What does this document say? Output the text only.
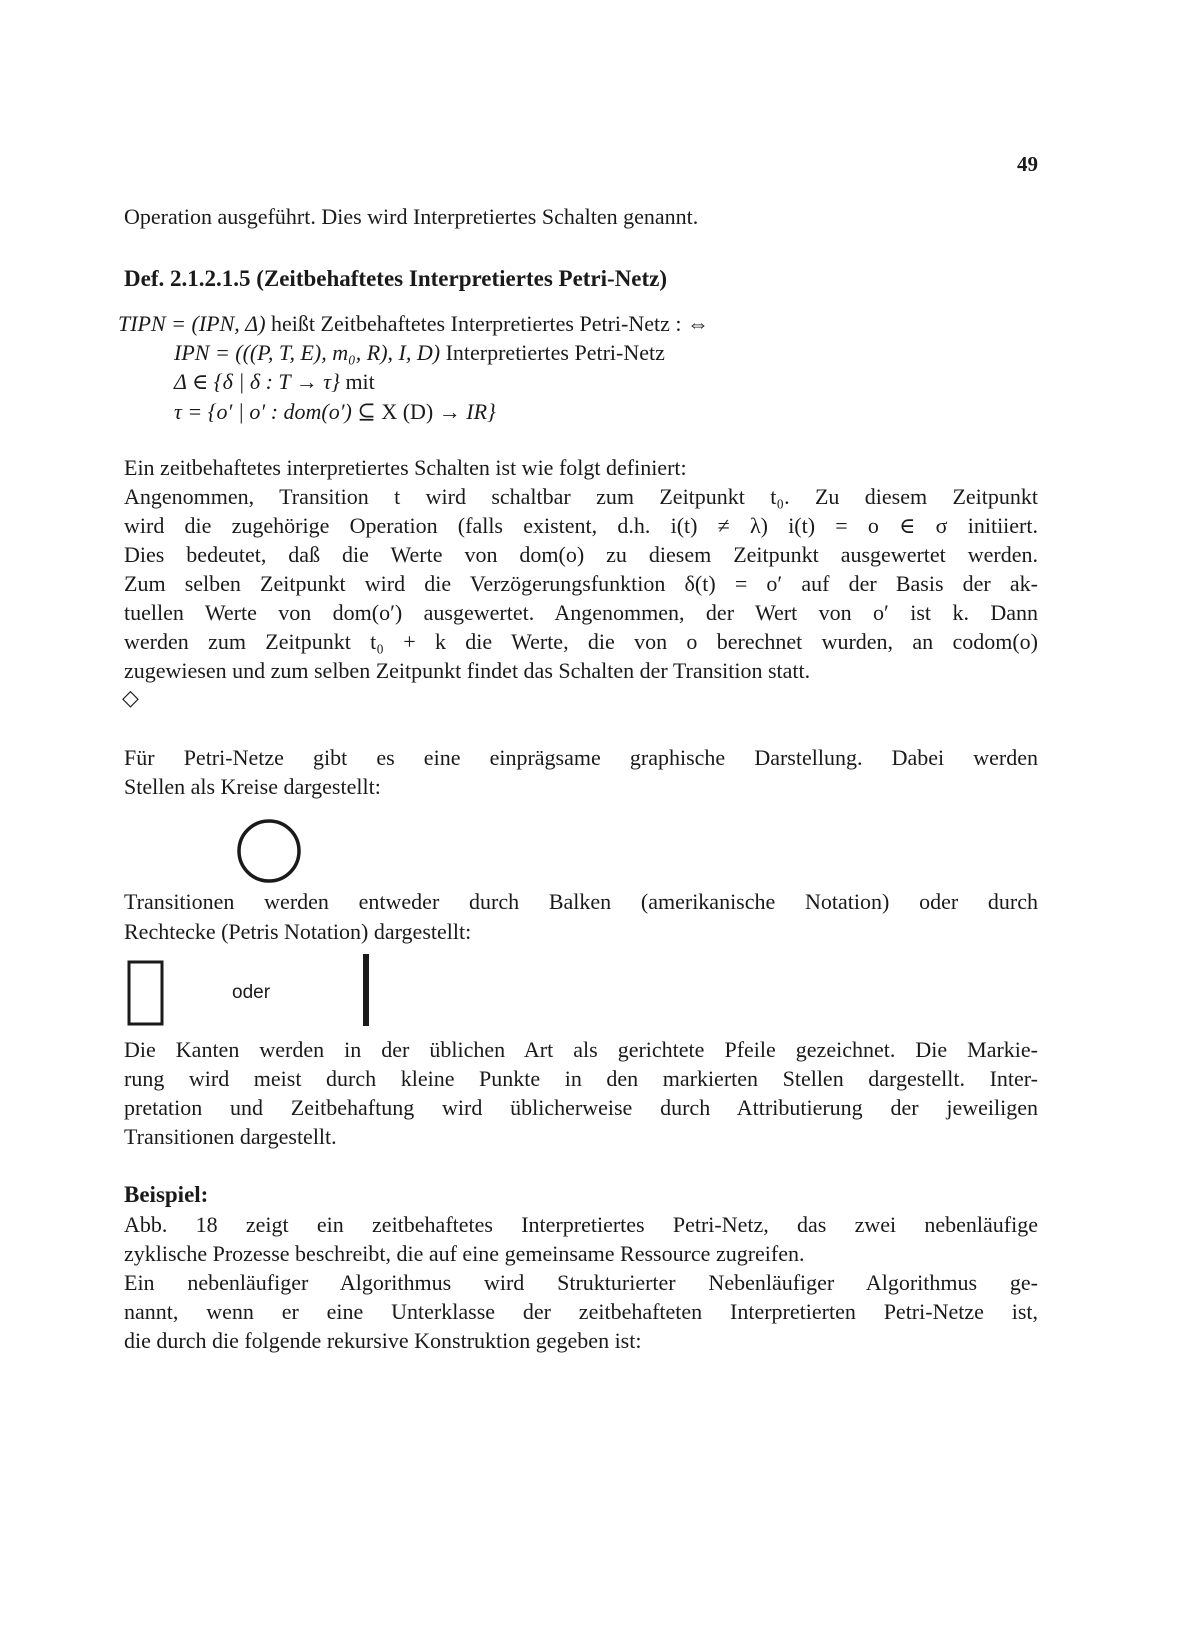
49
Operation ausgeführt. Dies wird Interpretiertes Schalten genannt.
Def. 2.1.2.1.5 (Zeitbehaftetes Interpretiertes Petri-Netz)
TIPN = (IPN, Δ) heißt Zeitbehaftetes Interpretiertes Petri-Netz : ⇔
IPN = (((P, T, E), m₀, R), I, D) Interpretiertes Petri-Netz
Δ ∈ {δ | δ : T → τ} mit
τ = {o′ | o′ : dom(o′) ⊆ X (D) → IR}
Ein zeitbehaftetes interpretiertes Schalten ist wie folgt definiert:
Angenommen, Transition t wird schaltbar zum Zeitpunkt t₀. Zu diesem Zeitpunkt
wird die zugehörige Operation (falls existent, d.h. i(t) ≠ λ) i(t) = o ∈ σ initiiert.
Dies bedeutet, daß die Werte von dom(o) zu diesem Zeitpunkt ausgewertet werden.
Zum selben Zeitpunkt wird die Verzögerungsfunktion δ(t) = o′ auf der Basis der ak-
tuellen Werte von dom(o′) ausgewertet. Angenommen, der Wert von o′ ist k. Dann
werden zum Zeitpunkt t₀ + k die Werte, die von o berechnet wurden, an codom(o)
zugewiesen und zum selben Zeitpunkt findet das Schalten der Transition statt.
◇
Für Petri-Netze gibt es eine einprägsame graphische Darstellung. Dabei werden
Stellen als Kreise dargestellt:
Transitionen werden entweder durch Balken (amerikanische Notation) oder durch
Rechtecke (Petris Notation) dargestellt:
oder
Die Kanten werden in der üblichen Art als gerichtete Pfeile gezeichnet. Die Markie-
rung wird meist durch kleine Punkte in den markierten Stellen dargestellt. Inter-
pretation und Zeitbehaftung wird üblicherweise durch Attributierung der jeweiligen
Transitionen dargestellt.
Beispiel:
Abb. 18 zeigt ein zeitbehaftetes Interpretiertes Petri-Netz, das zwei nebenläufige
zyklische Prozesse beschreibt, die auf eine gemeinsame Ressource zugreifen.
Ein nebenläufiger Algorithmus wird Strukturierter Nebenläufiger Algorithmus ge-
nannt, wenn er eine Unterklasse der zeitbehafteten Interpretierten Petri-Netze ist,
die durch die folgende rekursive Konstruktion gegeben ist:
